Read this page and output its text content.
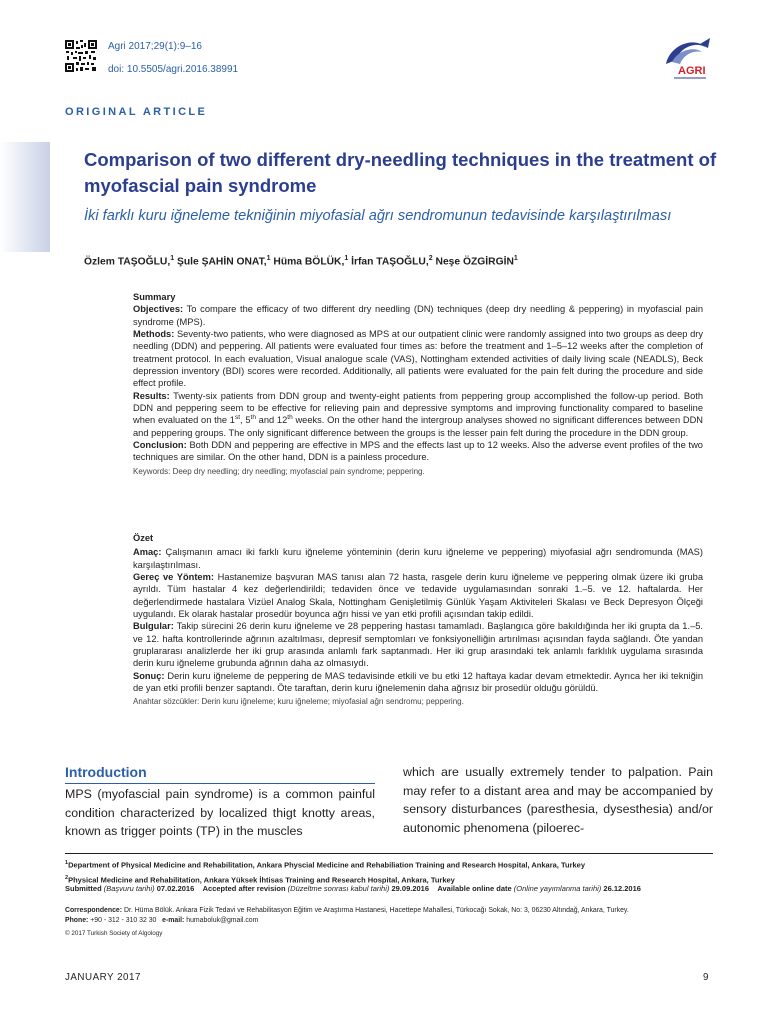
Agri 2017;29(1):9–16
doi: 10.5505/agri.2016.38991	AGRI
ORIGINAL ARTICLE
Comparison of two different dry-needling techniques in the treatment of myofascial pain syndrome
İki farklı kuru iğneleme tekniğinin miyofasial ağrı sendromunun tedavisinde karşılaştırılması
Özlem TAŞOĞLU,$^1$ Şule ŞAHİN ONAT,$^1$ Hüma BÖLÜK,$^1$ İrfan TAŞOĞLU,$^2$ Neşe ÖZGİRGİN$^1$

Summary

Objectives: To compare the efficacy of two different dry needling (DN) techniques (deep dry needling & peppering) in myofascial pain syndrome (MPS).

Methods: Seventy-two patients, who were diagnosed as MPS at our outpatient clinic were randomly assigned into two groups as deep dry needling (DDN) and peppering. All patients were evaluated four times as: before the treatment and 1–5–12 weeks after the completion of treatment protocol. In each evaluation, Visual analogue scale (VAS), Nottingham extended activities of daily living scale (NEADLS), Beck depression inventory (BDI) scores were recorded. Additionally, all patients were evaluated for the pain felt during the procedure and side effect profile.

Results: Twenty-six patients from DDN group and twenty-eight patients from peppering group accomplished the follow-up period. Both DDN and peppering seem to be effective for relieving pain and depressive symptoms and improving functionality compared to baseline when evaluated on the 1st, 5th and 12th weeks. On the other hand the intergroup analyses showed no significant differences between DDN and peppering groups. The only significant difference between the groups is the lesser pain felt during the procedure in the DDN group.

Conclusion: Both DDN and peppering are effective in MPS and the effects last up to 12 weeks. Also the adverse event profiles of the two techniques are similar. On the other hand, DDN is a painless procedure.

Keywords: Deep dry needling; dry needling; myofascial pain syndrome; peppering.

Özet

Amaç: Çalışmanın amacı iki farklı kuru iğneleme yönteminin (derin kuru iğneleme ve peppering) miyofasial ağrı sendromunda (MAS) karşılaştırılması.

Gereç ve Yöntem: Hastanemize başvuran MAS tanısı alan 72 hasta, rasgele derin kuru iğneleme ve peppering olmak üzere iki gruba ayrıldı. Tüm hastalar 4 kez değerlendirildi; tedaviden önce ve tedavide uygulamasından sonraki 1.–5. ve 12. haftalarda. Her değerlendirmede hastalara Vizüel Analog Skala, Nottingham Genişletilmiş Günlük Yaşam Aktiviteleri Skalası ve Beck Depresyon Ölçeği uygulandı. Ek olarak hastalar prosedür boyunca ağrı hissi ve yan etki profili açısından takip edildi.

Bulgular: Takip sürecini 26 derin kuru iğneleme ve 28 peppering hastası tamamladı. Başlangıca göre bakıldığında her iki grupta da 1.–5. ve 12. hafta kontrollerinde ağrının azaltılması, depresif semptomları ve fonksiyonelliğin artırılması açısından fayda sağlandı. Öte yandan gruplararası analizlerde her iki grup arasında anlamlı fark saptanmadı. Her iki grup arasındaki tek anlamlı farklılık uygulama sırasında derin kuru iğneleme grubunda ağrının daha az olmasıydı.

Sonuç: Derin kuru iğneleme de peppering de MAS tedavisinde etkili ve bu etki 12 haftaya kadar devam etmektedir. Ayrıca her iki tekniğin de yan etki profili benzer saptandı. Öte taraftan, derin kuru iğnelemenin daha ağrısız bir prosedür olduğu görüldü.

Anahtar sözcükler: Derin kuru iğneleme; kuru iğneleme; miyofasial ağrı sendromu; peppering.

Introduction

MPS (myofascial pain syndrome) is a common painful condition characterized by localized thigt knotty areas, known as trigger points (TP) in the muscles

which are usually extremely tender to palpation. Pain may refer to a distant area and may be accompanied by sensory disturbances (paresthesia, dysesthesia) and/or autonomic phenomena (piloerec-

$^1$Department of Physical Medicine and Rehabilitation, Ankara Physcial Medicine and Rehabiliation Training and Research Hospital, Ankara, Turkey
$^2$Physical Medicine and Rehabilitation, Ankara Yüksek İhtisas Training and Research Hospital, Ankara, Turkey
Submitted (Başvuru tarihi) 07.02.2016 Accepted after revision (Düzeltme sonrası kabul tarihi) 29.09.2016 Available online date (Online yayımlanma tarihi) 26.12.2016
Correspondence: Dr. Hüma Bölük. Ankara Fizik Tedavi ve Rehabilitasyon Eğitim ve Araştırma Hastanesi, Hacettepe Mahallesi, Türkocağı Sokak, No: 3, 06230 Altındağ, Ankara, Turkey.
Phone: +90 - 312 - 310 32 30 e-mail: humaboluk@gmail.com
© 2017 Turkish Society of Algology
JANUARY 2017	9
